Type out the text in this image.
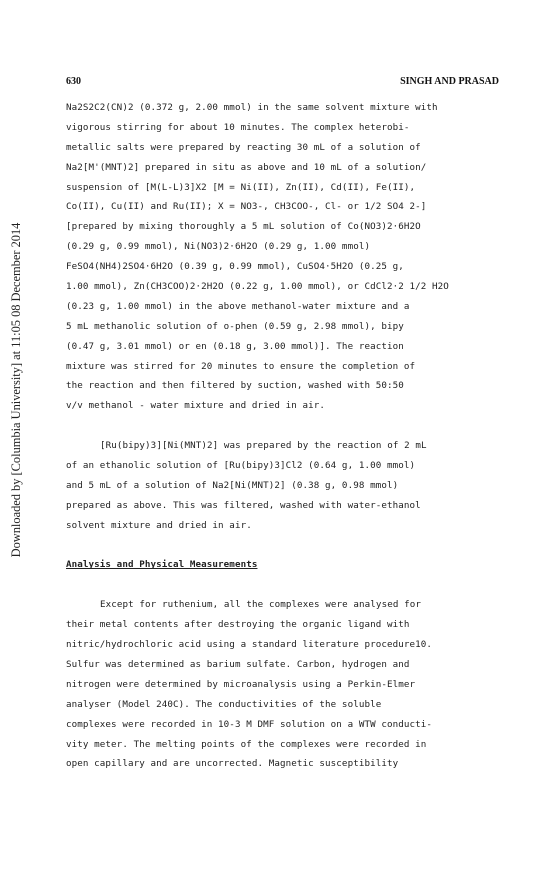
Downloaded by [Columbia University] at 11:05 08 December 2014
630	SINGH AND PRASAD
Na2S2C2(CN)2 (0.372 g, 2.00 mmol) in the same solvent mixture with
vigorous stirring for about 10 minutes. The complex heterobi-
metallic salts were prepared by reacting 30 mL of a solution of
Na2[M'(MNT)2] prepared in situ as above and 10 mL of a solution/
suspension of [M(L-L)3]X2 [M = Ni(II), Zn(II), Cd(II), Fe(II),
Co(II), Cu(II) and Ru(II); X = NO3-, CH3COO-, Cl- or 1/2 SO4 2-]
[prepared by mixing thoroughly a 5 mL solution of Co(NO3)2·6H2O
(0.29 g, 0.99 mmol), Ni(NO3)2·6H2O (0.29 g, 1.00 mmol)
FeSO4(NH4)2SO4·6H2O (0.39 g, 0.99 mmol), CuSO4·5H2O (0.25 g,
1.00 mmol), Zn(CH3COO)2·2H2O (0.22 g, 1.00 mmol), or CdCl2·2 1/2 H2O
(0.23 g, 1.00 mmol) in the above methanol-water mixture and a
5 mL methanolic solution of o-phen (0.59 g, 2.98 mmol), bipy
(0.47 g, 3.01 mmol) or en (0.18 g, 3.00 mmol)]. The reaction
mixture was stirred for 20 minutes to ensure the completion of
the reaction and then filtered by suction, washed with 50:50
v/v methanol - water mixture and dried in air.
[Ru(bipy)3][Ni(MNT)2] was prepared by the reaction of 2 mL
of an ethanolic solution of [Ru(bipy)3]Cl2 (0.64 g, 1.00 mmol)
and 5 mL of a solution of Na2[Ni(MNT)2] (0.38 g, 0.98 mmol)
prepared as above. This was filtered, washed with water-ethanol
solvent mixture and dried in air.
Analysis and Physical Measurements
Except for ruthenium, all the complexes were analysed for
their metal contents after destroying the organic ligand with
nitric/hydrochloric acid using a standard literature procedure10.
Sulfur was determined as barium sulfate. Carbon, hydrogen and
nitrogen were determined by microanalysis using a Perkin-Elmer
analyser (Model 240C). The conductivities of the soluble
complexes were recorded in 10-3 M DMF solution on a WTW conducti-
vity meter. The melting points of the complexes were recorded in
open capillary and are uncorrected. Magnetic susceptibility
